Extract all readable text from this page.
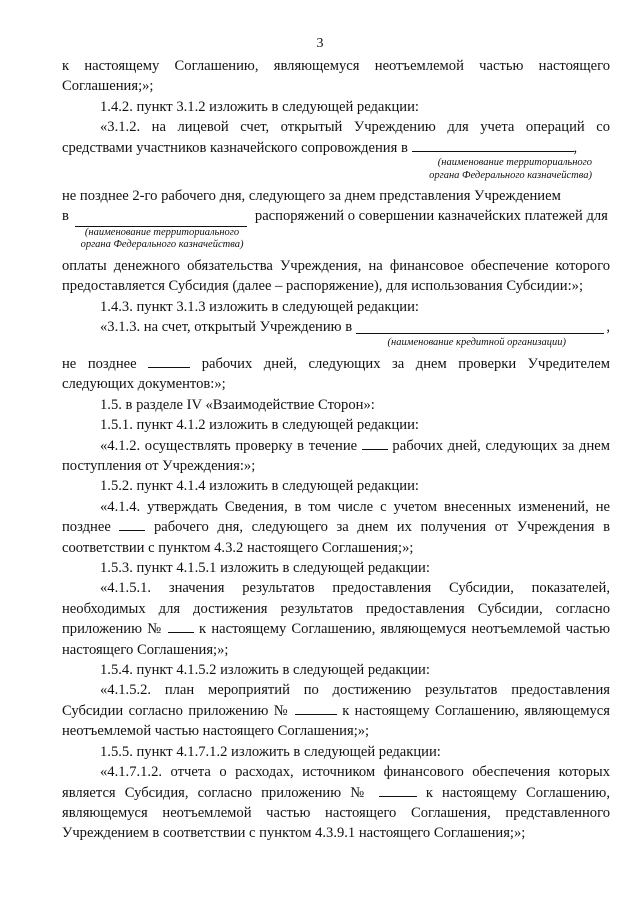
3

к настоящему Соглашению, являющемуся неотъемлемой частью настоящего Соглашения;»;

1.4.2. пункт 3.1.2 изложить в следующей редакции:

«3.1.2. на лицевой счет, открытый Учреждению для учета операций со средствами участников казначейского сопровождения в	,

(наименование территориального
органа Федерального казначейства)

не позднее 2-го рабочего дня, следующего за днем представления Учреждением

в	распоряжений о совершении казначейских платежей для
(наименование территориального
органа Федерального казначейства)

оплаты денежного обязательства Учреждения, на финансовое обеспечение которого предоставляется Субсидия (далее – распоряжение), для использования Субсидии:»;

1.4.3. пункт 3.1.3 изложить в следующей редакции:

«3.1.3. на счет, открытый Учреждению в	,
(наименование кредитной организации)

не позднее	рабочих дней, следующих за днем проверки Учредителем следующих документов:»;

1.5. в разделе IV «Взаимодействие Сторон»:

1.5.1. пункт 4.1.2 изложить в следующей редакции:

«4.1.2. осуществлять проверку в течение рабочих дней, следующих за днем поступления от Учреждения:»;

1.5.2. пункт 4.1.4 изложить в следующей редакции:

«4.1.4. утверждать Сведения, в том числе с учетом внесенных изменений, не позднее	рабочего дня, следующего за днем их получения от Учреждения в соответствии с пунктом 4.3.2 настоящего Соглашения;»;

1.5.3. пункт 4.1.5.1 изложить в следующей редакции:

«4.1.5.1. значения результатов предоставления Субсидии, показателей, необходимых для достижения результатов предоставления Субсидии, согласно приложению № к настоящему Соглашению, являющемуся неотъемлемой частью настоящего Соглашения;»;

1.5.4. пункт 4.1.5.2 изложить в следующей редакции:

«4.1.5.2. план мероприятий по достижению результатов предоставления Субсидии согласно приложению №	к настоящему Соглашению, являющемуся неотъемлемой частью настоящего Соглашения;»;

1.5.5. пункт 4.1.7.1.2 изложить в следующей редакции:

«4.1.7.1.2. отчета о расходах, источником финансового обеспечения которых является Субсидия, согласно приложению №	к настоящему Соглашению, являющемуся неотъемлемой частью настоящего Соглашения, представленного Учреждением в соответствии с пунктом 4.3.9.1 настоящего Соглашения;»;
